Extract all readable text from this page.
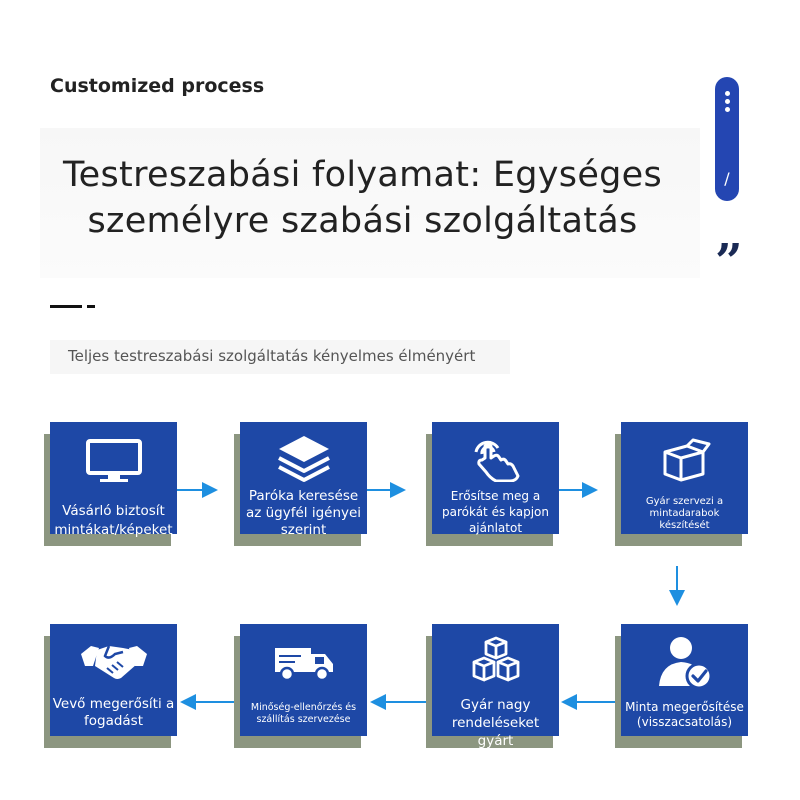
Customized process
Testreszabási folyamat: Egységes
személyre szabási szolgáltatás
/
”
Teljes testreszabási szolgáltatás kényelmes élményért
Vásárló biztosít mintákat/képeket
Paróka keresése az ügyfél igényei szerint
Erősítse meg a parókát és kapjon ajánlatot
Gyár szervezi a mintadarabok készítését
Vevő megerősíti a fogadást
Minőség-ellenőrzés és szállítás szervezése
Gyár nagy rendeléseket gyárt
Minta megerősítése (visszacsatolás)
